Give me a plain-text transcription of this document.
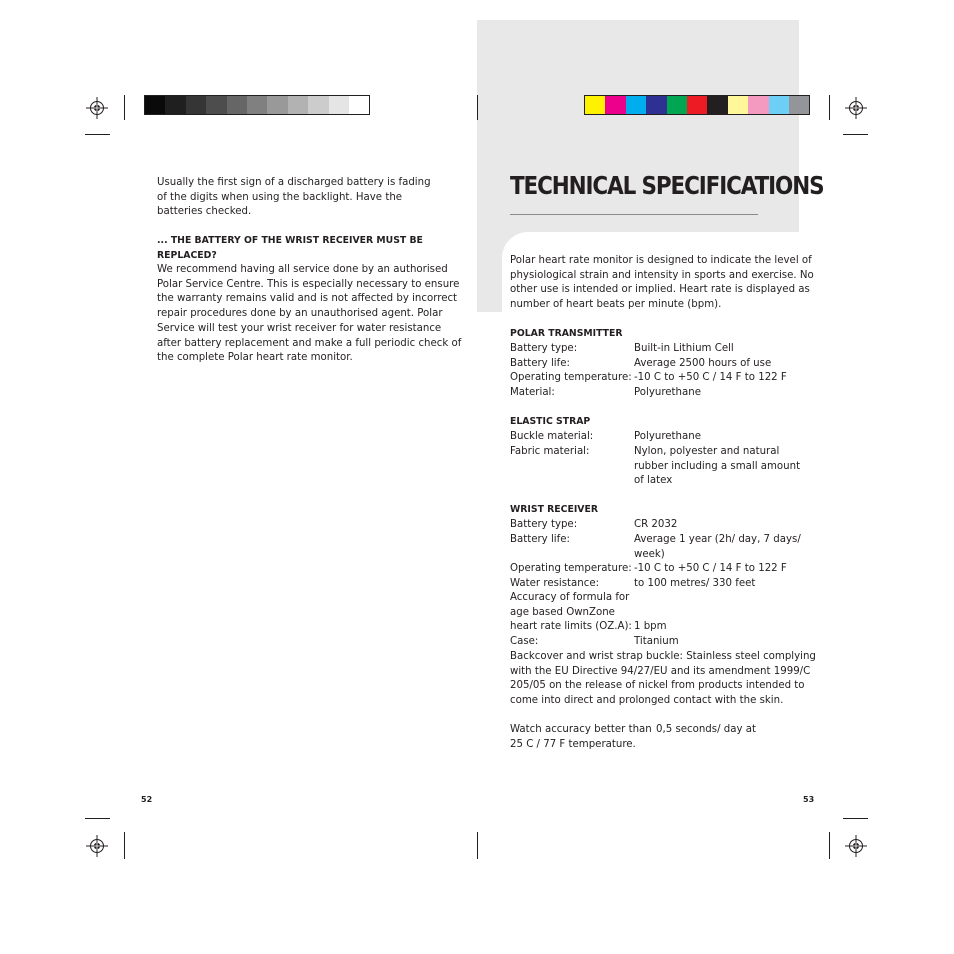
Usually the first sign of a discharged battery is fading of the digits when using the backlight. Have the batteries checked.
... THE BATTERY OF THE WRIST RECEIVER MUST BE
REPLACED?
We recommend having all service done by an authorised
Polar Service Centre. This is especially necessary to ensure
the warranty remains valid and is not affected by incorrect
repair procedures done by an unauthorised agent. Polar
Service will test your wrist receiver for water resistance
after battery replacement and make a full periodic check of
the complete Polar heart rate monitor.
52
TECHNICAL SPECIFICATIONS
Polar heart rate monitor is designed to indicate the level of
physiological strain and intensity in sports and exercise. No
other use is intended or implied. Heart rate is displayed as
number of heart beats per minute (bpm).
POLAR TRANSMITTER
Battery type:	Built-in Lithium Cell
Battery life:	Average 2500 hours of use
Operating temperature: -10 C to +50 C / 14 F to 122 F
Material:	Polyurethane
ELASTIC STRAP
Buckle material:	Polyurethane
Fabric material:	Nylon, polyester and natural
rubber including a small amount
of latex
WRIST RECEIVER
Battery type:	CR 2032
Battery life:	Average 1 year (2h/ day, 7 days/
week)
Operating temperature: -10 C to +50 C / 14 F to 122 F
Water resistance:	to 100 metres/ 330 feet
Accuracy of formula for
age based OwnZone
heart rate limits (OZ.A): 1 bpm
Case:	Titanium
Backcover and wrist strap buckle: Stainless steel complying
with the EU Directive 94/27/EU and its amendment 1999/C
205/05 on the release of nickel from products intended to
come into direct and prolonged contact with the skin.
Watch accuracy better than 0,5 seconds/ day at
25 C / 77 F temperature.
53
